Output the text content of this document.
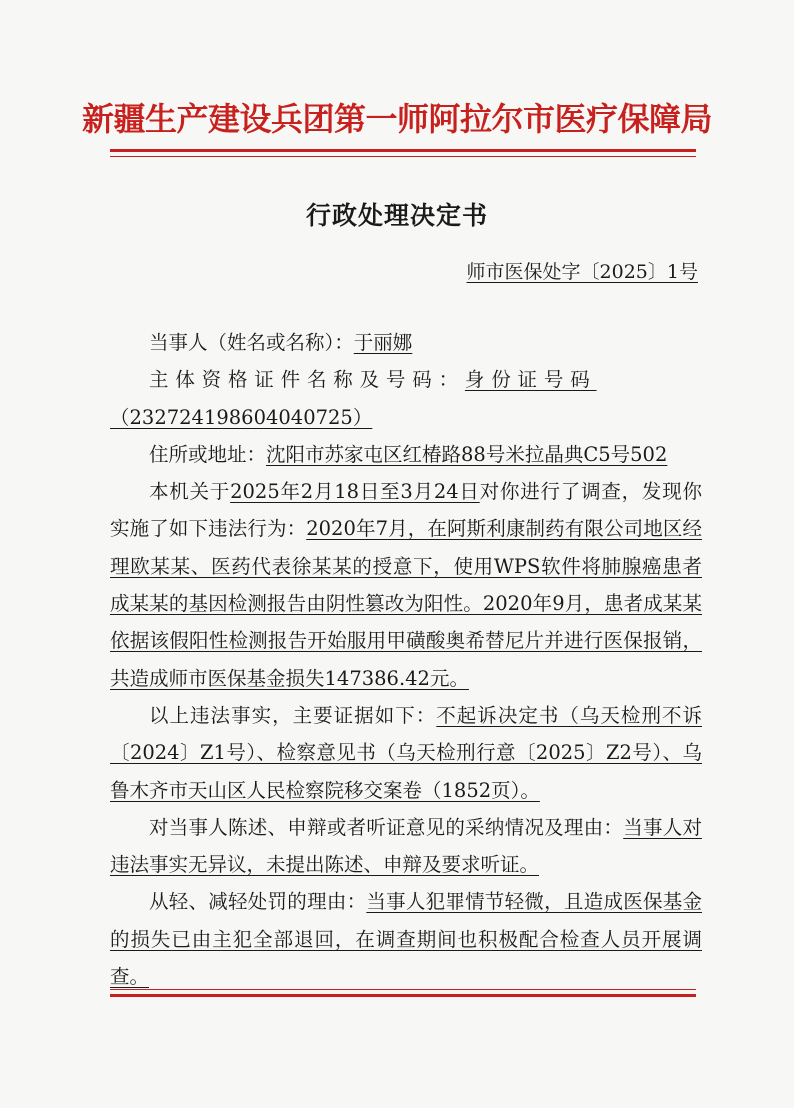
新疆生产建设兵团第一师阿拉尔市医疗保障局
行政处理决定书
师市医保处字〔2025〕1号

当事人（姓名或名称）：于丽娜

主体资格证件名称及号码：身份证号码

（232724198604040725）

住所或地址：沈阳市苏家屯区红椿路88号米拉晶典C5号502

本机关于2025年2月18日至3月24日对你进行了调查，发现你实施了如下违法行为：2020年7月，在阿斯利康制药有限公司地区经理欧某某、医药代表徐某某的授意下，使用WPS软件将肺腺癌患者成某某的基因检测报告由阴性篡改为阳性。2020年9月，患者成某某依据该假阳性检测报告开始服用甲磺酸奥希替尼片并进行医保报销，共造成师市医保基金损失147386.42元。

以上违法事实，主要证据如下：不起诉决定书（乌天检刑不诉〔2024〕Z1号）、检察意见书（乌天检刑行意〔2025〕Z2号）、乌鲁木齐市天山区人民检察院移交案卷（1852页）。

对当事人陈述、申辩或者听证意见的采纳情况及理由：当事人对违法事实无异议，未提出陈述、申辩及要求听证。

从轻、减轻处罚的理由：当事人犯罪情节轻微，且造成医保基金的损失已由主犯全部退回，在调查期间也积极配合检查人员开展调查。
